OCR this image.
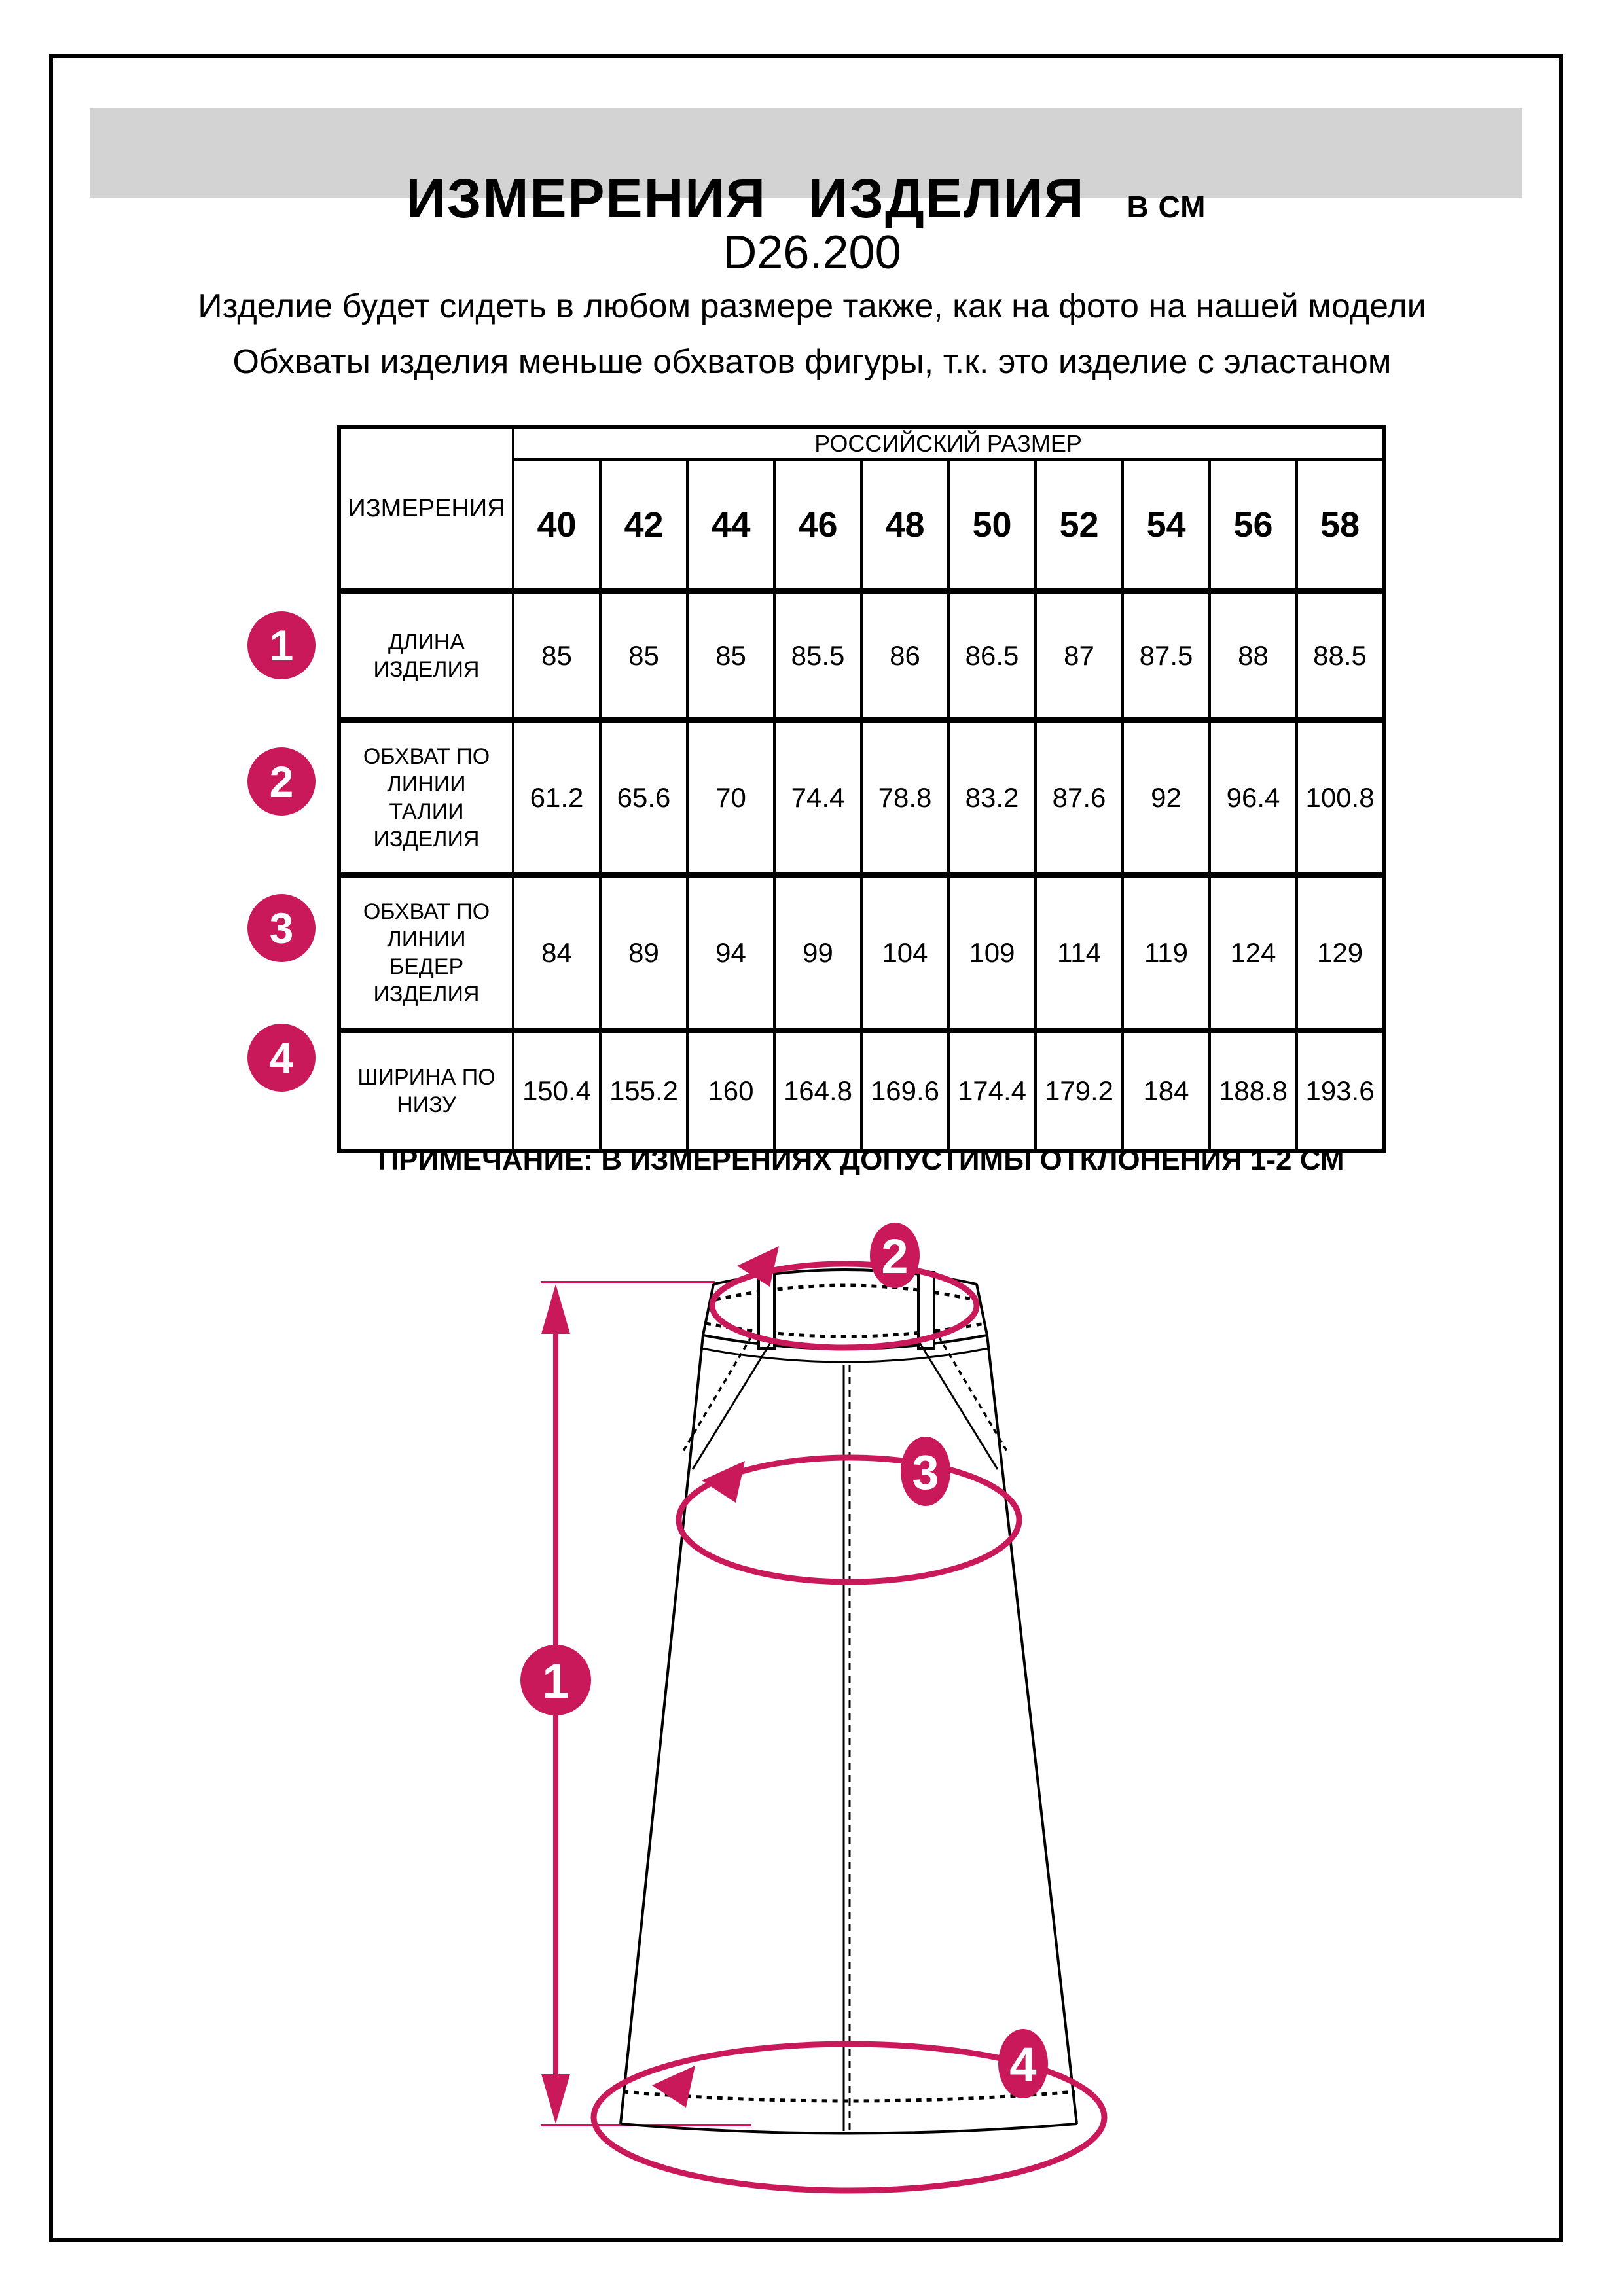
ИЗМЕРЕНИЯ ИЗДЕЛИЯ В СМ
D26.200
Изделие будет сидеть в любом размере также, как на фото на нашей модели
Обхваты изделия меньше обхватов фигуры, т.к. это изделие с эластаном
ИЗМЕРЕНИЯ	РОССИЙСКИЙ РАЗМЕР									
	40	42	44	46	48	50	52	54	56	58
ДЛИНА ИЗДЕЛИЯ	85	85	85	85.5	86	86.5	87	87.5	88	88.5
ОБХВАТ ПО ЛИНИИ ТАЛИИ ИЗДЕЛИЯ	61.2	65.6	70	74.4	78.8	83.2	87.6	92	96.4	100.8
ОБХВАТ ПО ЛИНИИ БЕДЕР ИЗДЕЛИЯ	84	89	94	99	104	109	114	119	124	129
ШИРИНА ПО НИЗУ	150.4	155.2	160	164.8	169.6	174.4	179.2	184	188.8	193.6
1
2
3
4
ПРИМЕЧАНИЕ: В ИЗМЕРЕНИЯХ ДОПУСТИМЫ ОТКЛОНЕНИЯ 1-2 СМ
1
2
3
4
